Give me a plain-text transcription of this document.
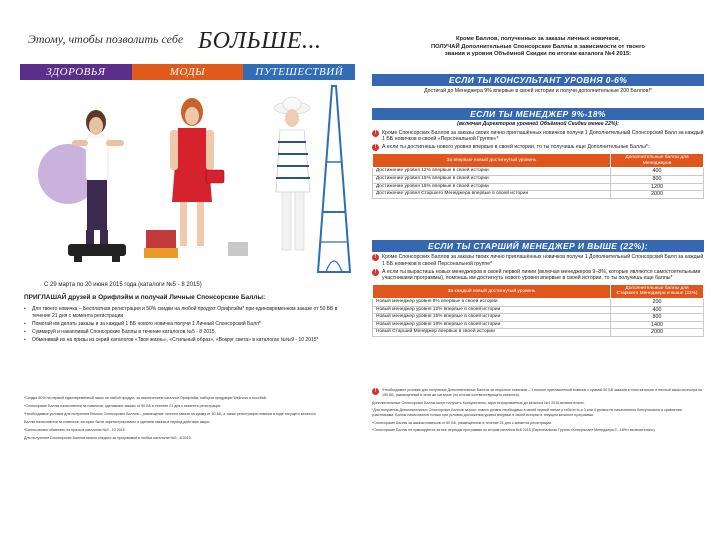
Этому, чтобы позволить себе БОЛЬШЕ...
ЗДОРОВЬЯ	МОДЫ	ПУТЕШЕСТВИЙ
С 29 марта по 20 июня 2015 года (каталоги №5 - 8 2015)
ПРИГЛАШАЙ друзей в Орифлэйм и получай Личные Спонсорские Баллы:
•	Для твоего новичка – Бесплатная регистрация и 50% скидки на любой продукт Орифлэйм* при единовременном заказе от 50 ББ в течение 21 дня с момента регистрации
•	Помогай им делать заказы и за каждый 1 ББ нового новичка получи 1 Личный Спонсорский Балл*
•	Суммируй и накапливай Спонсорские Баллы в течение каталогов №5 - 8 2015.
•	Обменивай их на призы из серий каталогов «Твоя жизнь», «Стильный образ», «Вокруг света» в каталогах №№9 - 10 2015*

*Скидка 50% на первый единовременный заказ на любой продукт, за исключением каталоги Орифлэйм, наборов продукции Wellness и пособий.

*Спонсорские Баллы начисляются за новичков, сделавших заказы от 50 ББ в течение 21 дня с момента регистрации.

*Необходимые условия для получения Личных Спонсорских Баллов – размещение личного заказа на сумму от 50 ББ, а также регистрация новичка в ходе текущего каталога.

Баллы начисляются за новичков, которые были зарегистрированы и сделали заказы в период действия акции.

*Баллы можно обменять на призы в каталогах №9 - 10 2015.

Для получения Спонсорских Баллов можно следить за программой в любых каталогах №5 - 8 2015.

Кроме Баллов, полученных за заказы личных новичков,
ПОЛУЧАЙ Дополнительные Спонсорские Баллы в зависимости от твоего
звания и уровня Объёмной Скидки по итогам каталога №4 2015:
ЕСЛИ ТЫ КОНСУЛЬТАНТ УРОВНЯ 0-6%
Достигай до Менеджера 9% впервые в своей истории и получи дополнительные 200 Баллов!*
ЕСЛИ ТЫ МЕНЕДЖЕР 9%-18%
(включая Директоров уровней Объёмной Скидки менее 22%):
!	Кроме Спонсорских Баллов за заказы своих лично приглашённых новичков получи 1 Дополнительный Спонсорский Балл за каждый 1 ББ новичков в своей «Персональной Группе»*
!	А если ты достигнешь нового уровня впервые в своей истории, то ты получишь еще Дополнительные Баллы*:
За впервые новый достигнутый уровень	Дополнительные баллы для Менеджеров
Достижение уровня 12% впервые в своей истории	400
Достижение уровня 15% впервые в своей истории	800
Достижение уровня 18% впервые в своей истории	1200
Достижение уровня Старшего Менеджера впервые в своей истории	2000
ЕСЛИ ТЫ СТАРШИЙ МЕНЕДЖЕР И ВЫШЕ (22%):
!	Кроме Спонсорских Баллов за заказы твоих лично приглашённых новичков получи 1 Дополнительный Спонсорский Балл за каждый 1 ББ новичков в своей Персональной группе*
!	А если ты вырастишь новых менеджеров в своей первой линии (включая менеджеров 9–8%, которые являются самостоятельными участниками программы), помоешь им достигнуть нового уровня впервые в своей истории, то ты получишь еще баллы*
За каждый новый достигнутый уровень	Дополнительные баллы для Старшего Менеджера и выше (22%)
Новый менеджер уровня 9% впервые в своей истории	200
Новый менеджер уровня 12% впервые в своей истории	400
Новый менеджер уровня 15% впервые в своей истории	800
Новый менеджер уровня 18% впервые в своей истории	1400
Новый Старший Менеджер впервые в своей истории	2000

!	*Необходимое условие для получения Дополнительных Баллов за открытые новичков – 1 личное приглашенный новичок с суммой 50 ББ заказов в этом каталоге и личный заказ спонсора на 150 ББ, размещенный в этом же каталоге (по итогам соответствующего каталога).

Дополнительные Спонсорские Баллы могут получить Консультанты, зарегистрированные до каталога №4 2015 включительно.

*Для получения Дополнительных Спонсорских Баллов за рост нового уровня необходимо в своей первой линии у тебя есть и 3 или 4 уровня не начисляются Консультанты и сравнения участниками. Баллы начисляются только при условии достижения уровня впервые в своей истории в текущем каталоге программы.

*Спонсорские Баллы за заказы новичков от 50 ББ, размещённые в течение 21 дня с момента регистрации.

*Спонсорские Баллы не суммируются за все периоды программы по итогам каталога №8 2015 (Персональная Группа «Консультант Менеджера 9 - 18%» включительно).
